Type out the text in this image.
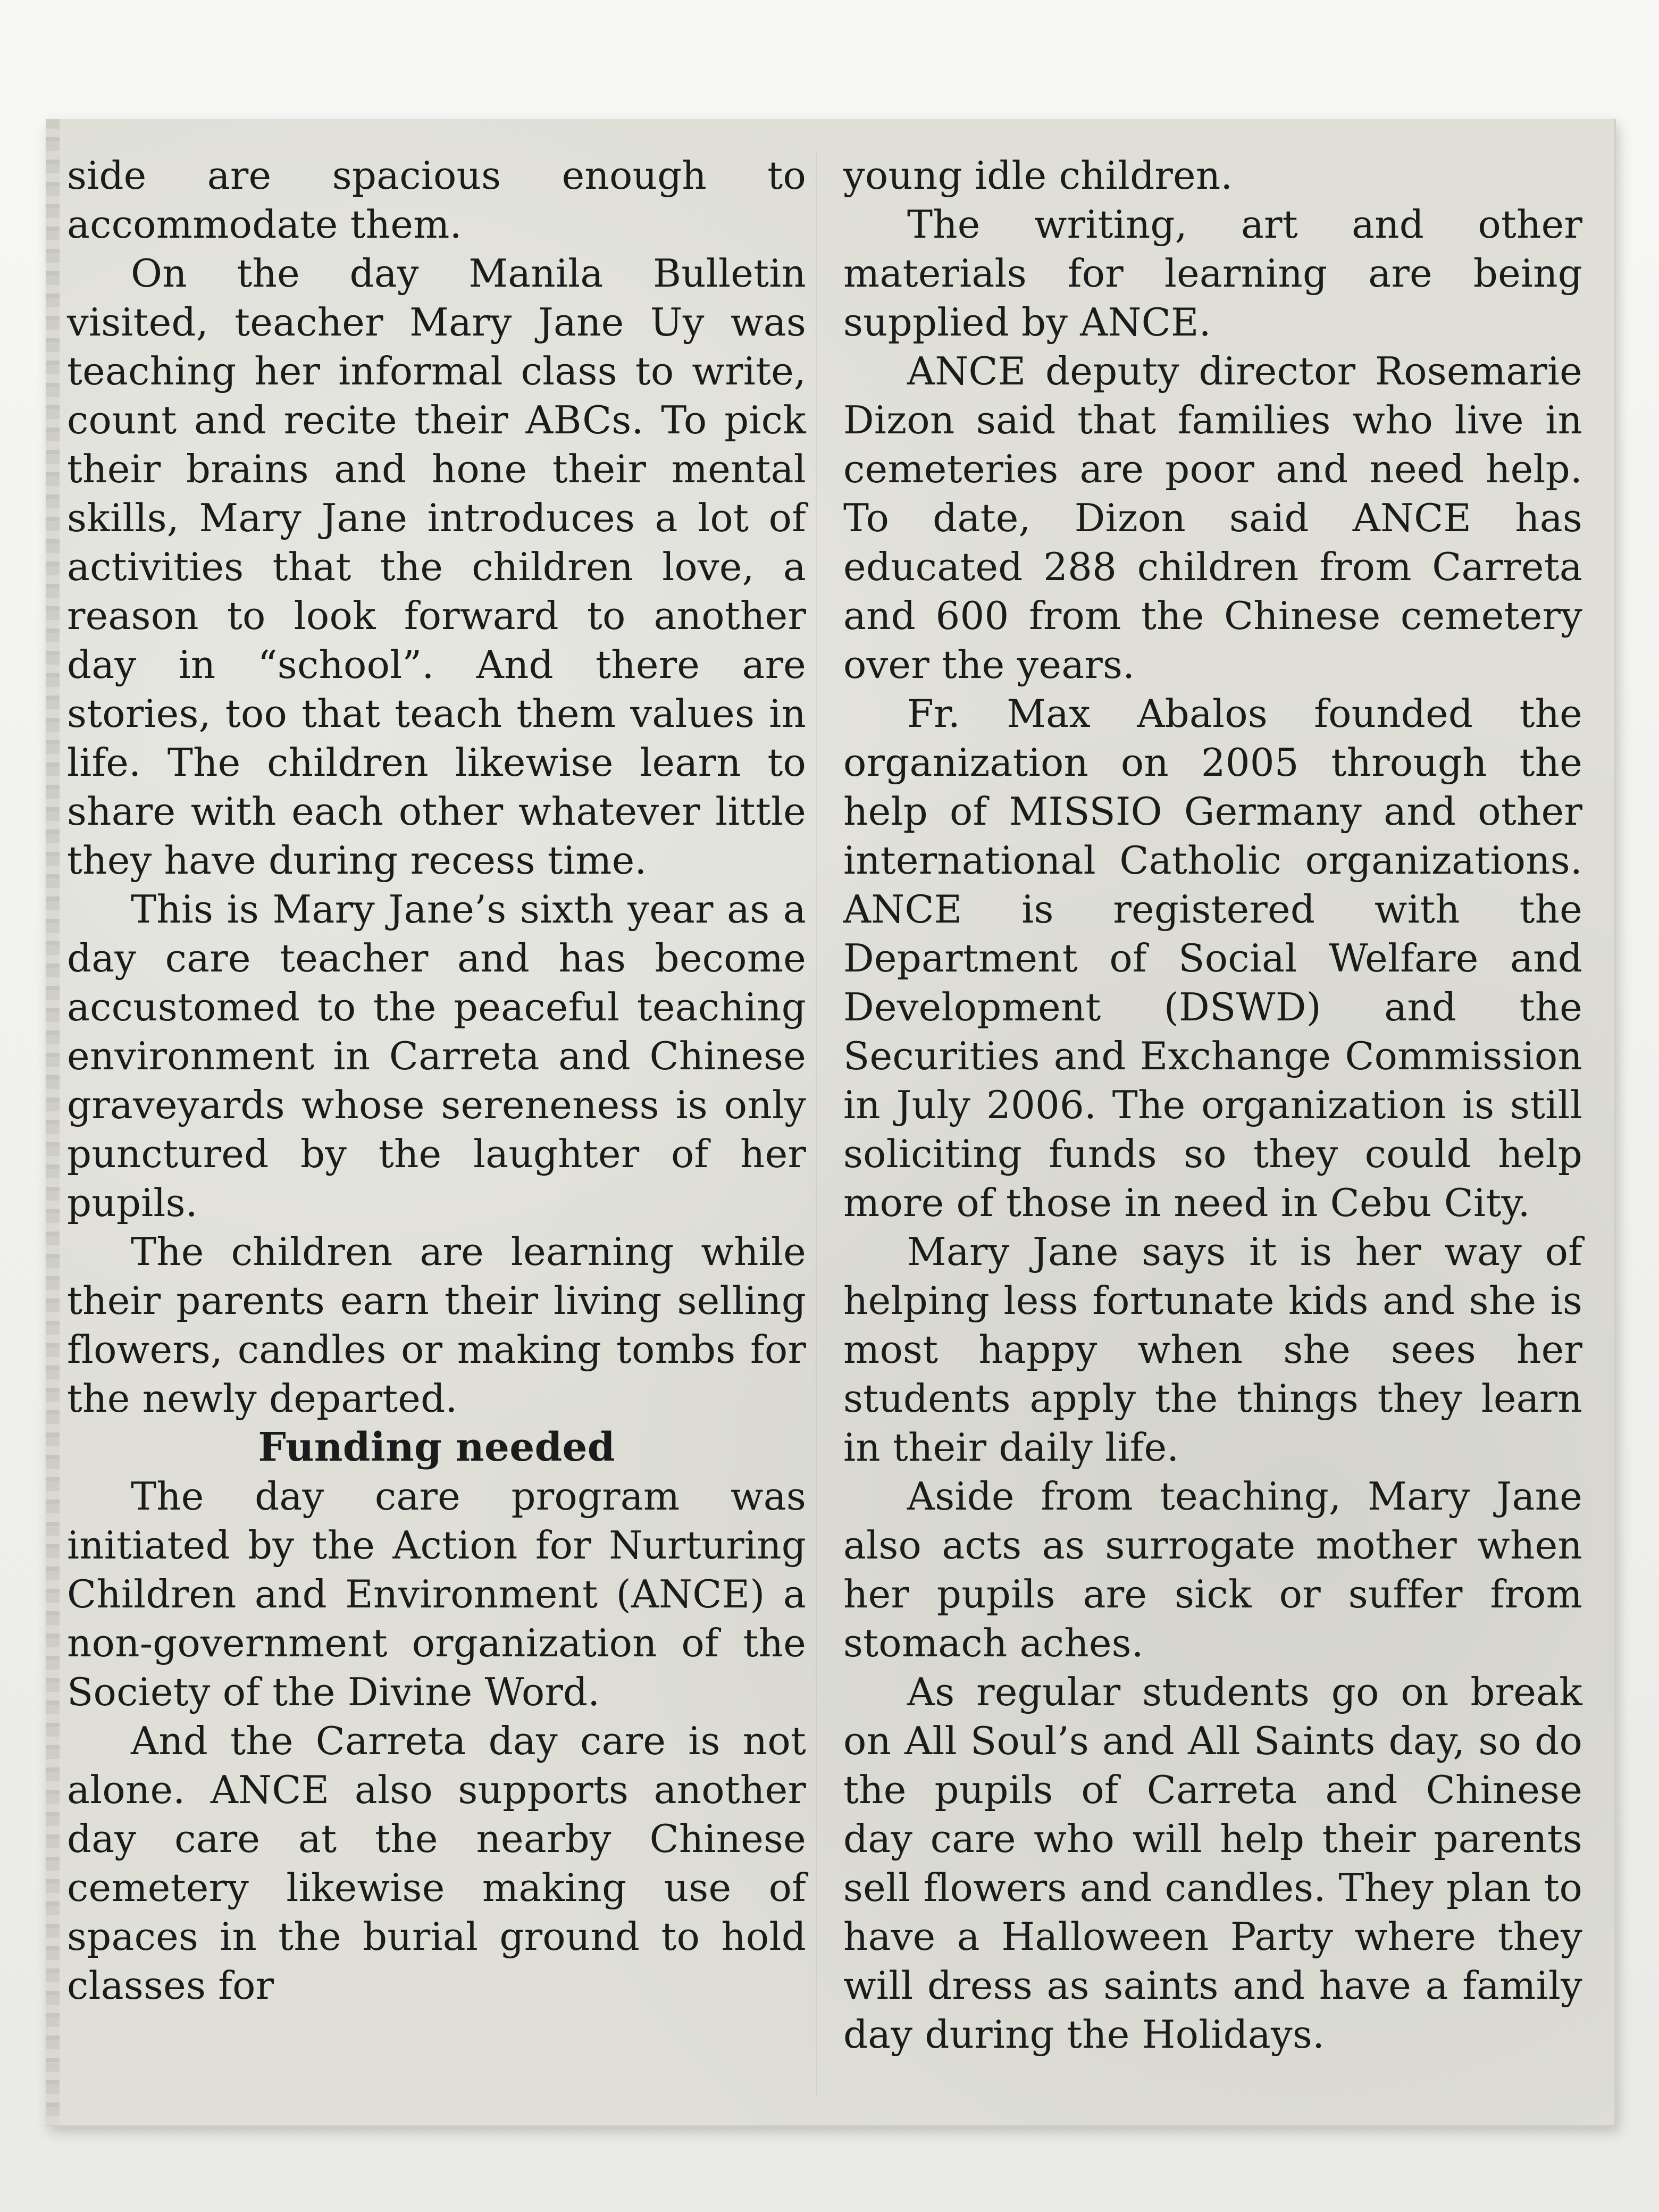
side are spacious enough to accommodate them.

On the day Manila Bulletin visited, teacher Mary Jane Uy was teaching her informal class to write, count and recite their ABCs. To pick their brains and hone their mental skills, Mary Jane introduces a lot of activities that the children love, a reason to look forward to another day in “school”. And there are stories, too that teach them values in life. The children likewise learn to share with each other whatever little they have during recess time.

This is Mary Jane’s sixth year as a day care teacher and has become accustomed to the peaceful teaching environment in Carreta and Chinese graveyards whose sereneness is only punctured by the laughter of her pupils.

The children are learning while their parents earn their living selling flowers, candles or making tombs for the newly departed.

Funding needed

The day care program was initiated by the Action for Nurturing Children and Environment (ANCE) a non-government organization of the Society of the Divine Word.

And the Carreta day care is not alone. ANCE also supports another day care at the nearby Chinese cemetery likewise making use of spaces in the burial ground to hold classes for

young idle children.

The writing, art and other materials for learning are being supplied by ANCE.

ANCE deputy director Rosemarie Dizon said that families who live in cemeteries are poor and need help. To date, Dizon said ANCE has educated 288 children from Carreta and 600 from the Chinese cemetery over the years.

Fr. Max Abalos founded the organization on 2005 through the help of MISSIO Germany and other international Catholic organizations. ANCE is registered with the Department of Social Welfare and Development (DSWD) and the Securities and Exchange Commission in July 2006. The organization is still soliciting funds so they could help more of those in need in Cebu City.

Mary Jane says it is her way of helping less fortunate kids and she is most happy when she sees her students apply the things they learn in their daily life.

Aside from teaching, Mary Jane also acts as surrogate mother when her pupils are sick or suffer from stomach aches.

As regular students go on break on All Soul’s and All Saints day, so do the pupils of Carreta and Chinese day care who will help their parents sell flowers and candles. They plan to have a Halloween Party where they will dress as saints and have a family day during the Holidays.
